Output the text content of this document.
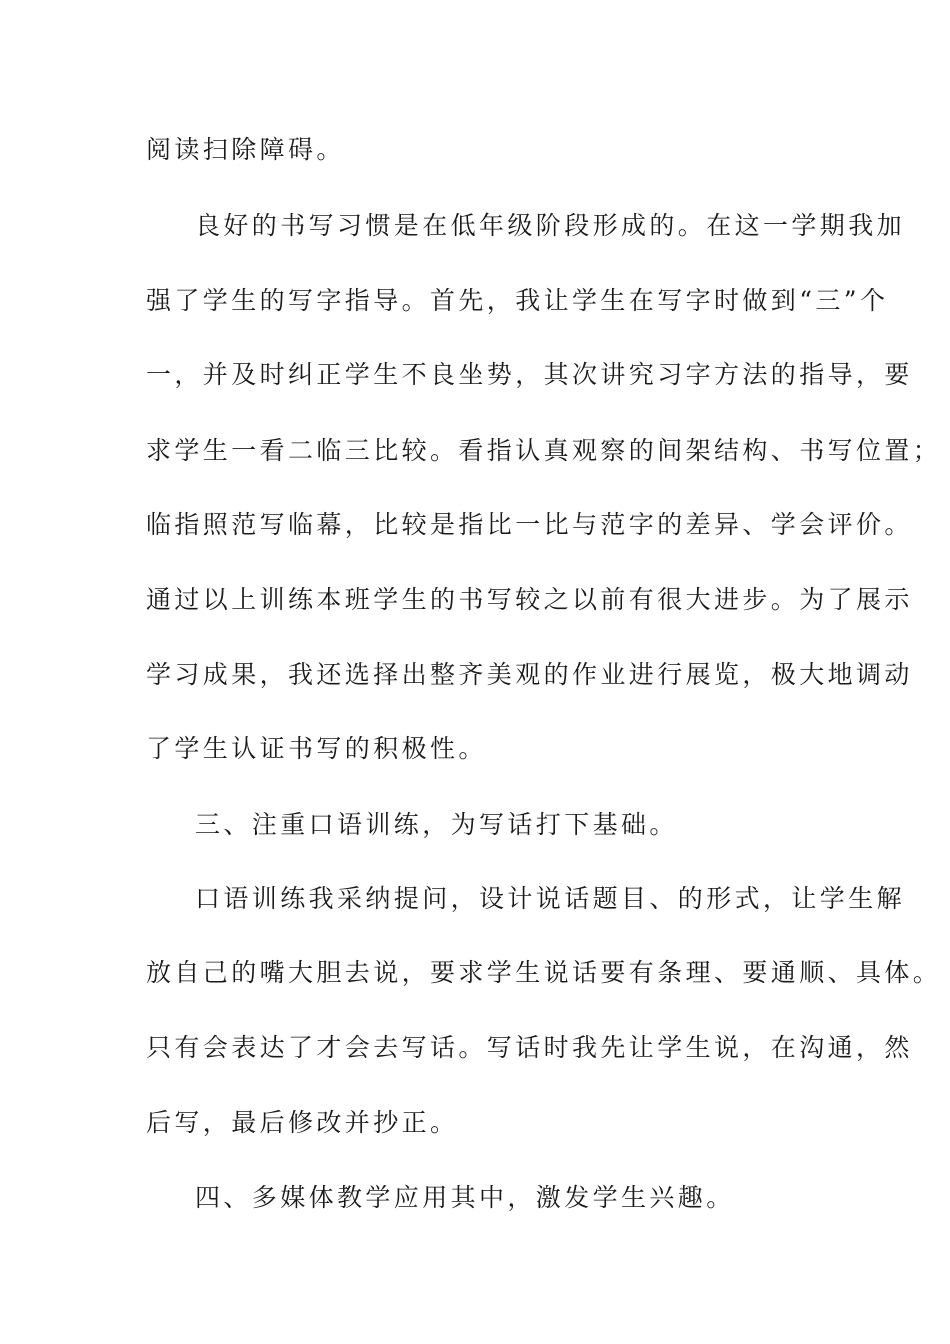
阅读扫除障碍。

良好的书写习惯是在低年级阶段形成的。在这一学期我加

强了学生的写字指导。首先，我让学生在写字时做到“三”个

一，并及时纠正学生不良坐势，其次讲究习字方法的指导，要

求学生一看二临三比较。看指认真观察的间架结构、书写位置；

临指照范写临幕，比较是指比一比与范字的差异、学会评价。

通过以上训练本班学生的书写较之以前有很大进步。为了展示

学习成果，我还选择出整齐美观的作业进行展览，极大地调动

了学生认证书写的积极性。

三、注重口语训练，为写话打下基础。

口语训练我采纳提问，设计说话题目、的形式，让学生解

放自己的嘴大胆去说，要求学生说话要有条理、要通顺、具体。

只有会表达了才会去写话。写话时我先让学生说，在沟通，然

后写，最后修改并抄正。

四、多媒体教学应用其中，激发学生兴趣。
